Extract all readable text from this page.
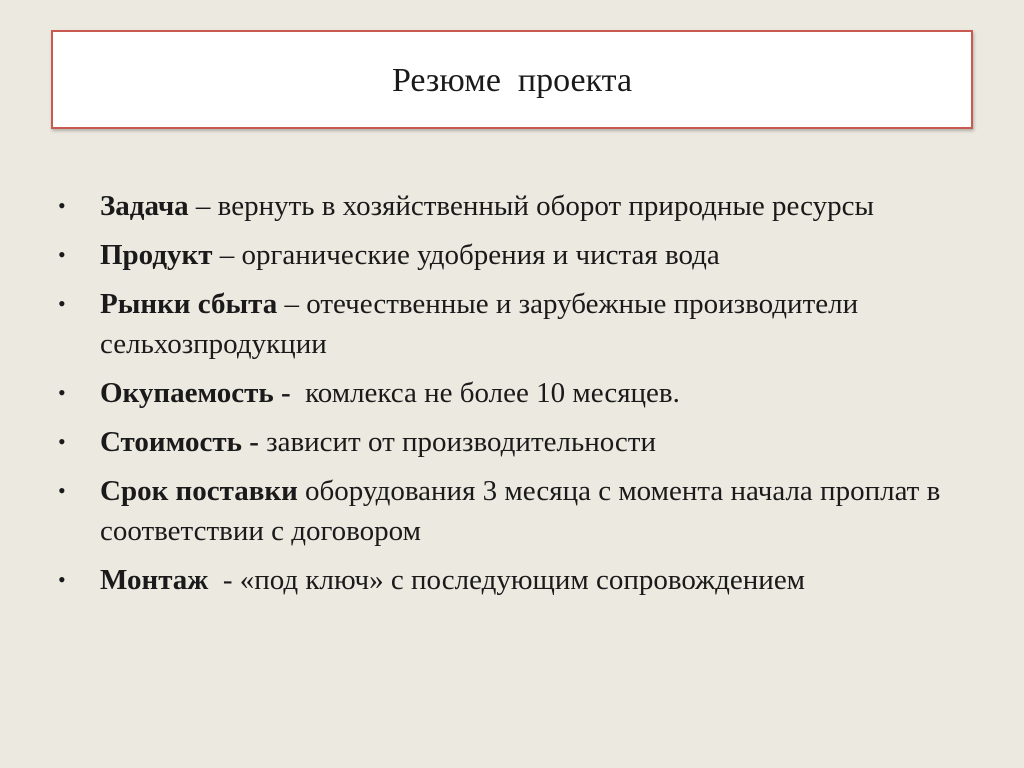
Резюме  проекта
•	Задача – вернуть в хозяйственный оборот природные ресурсы
•	Продукт – органические удобрения и чистая вода
•	Рынки сбыта – отечественные и зарубежные производители сельхозпродукции
•	Окупаемость -  комлекса не более 10 месяцев.
•	Стоимость - зависит от производительности
•	Срок поставки оборудования 3 месяца с момента начала проплат в соответствии с договором
•	Монтаж  - «под ключ» с последующим сопровождением
